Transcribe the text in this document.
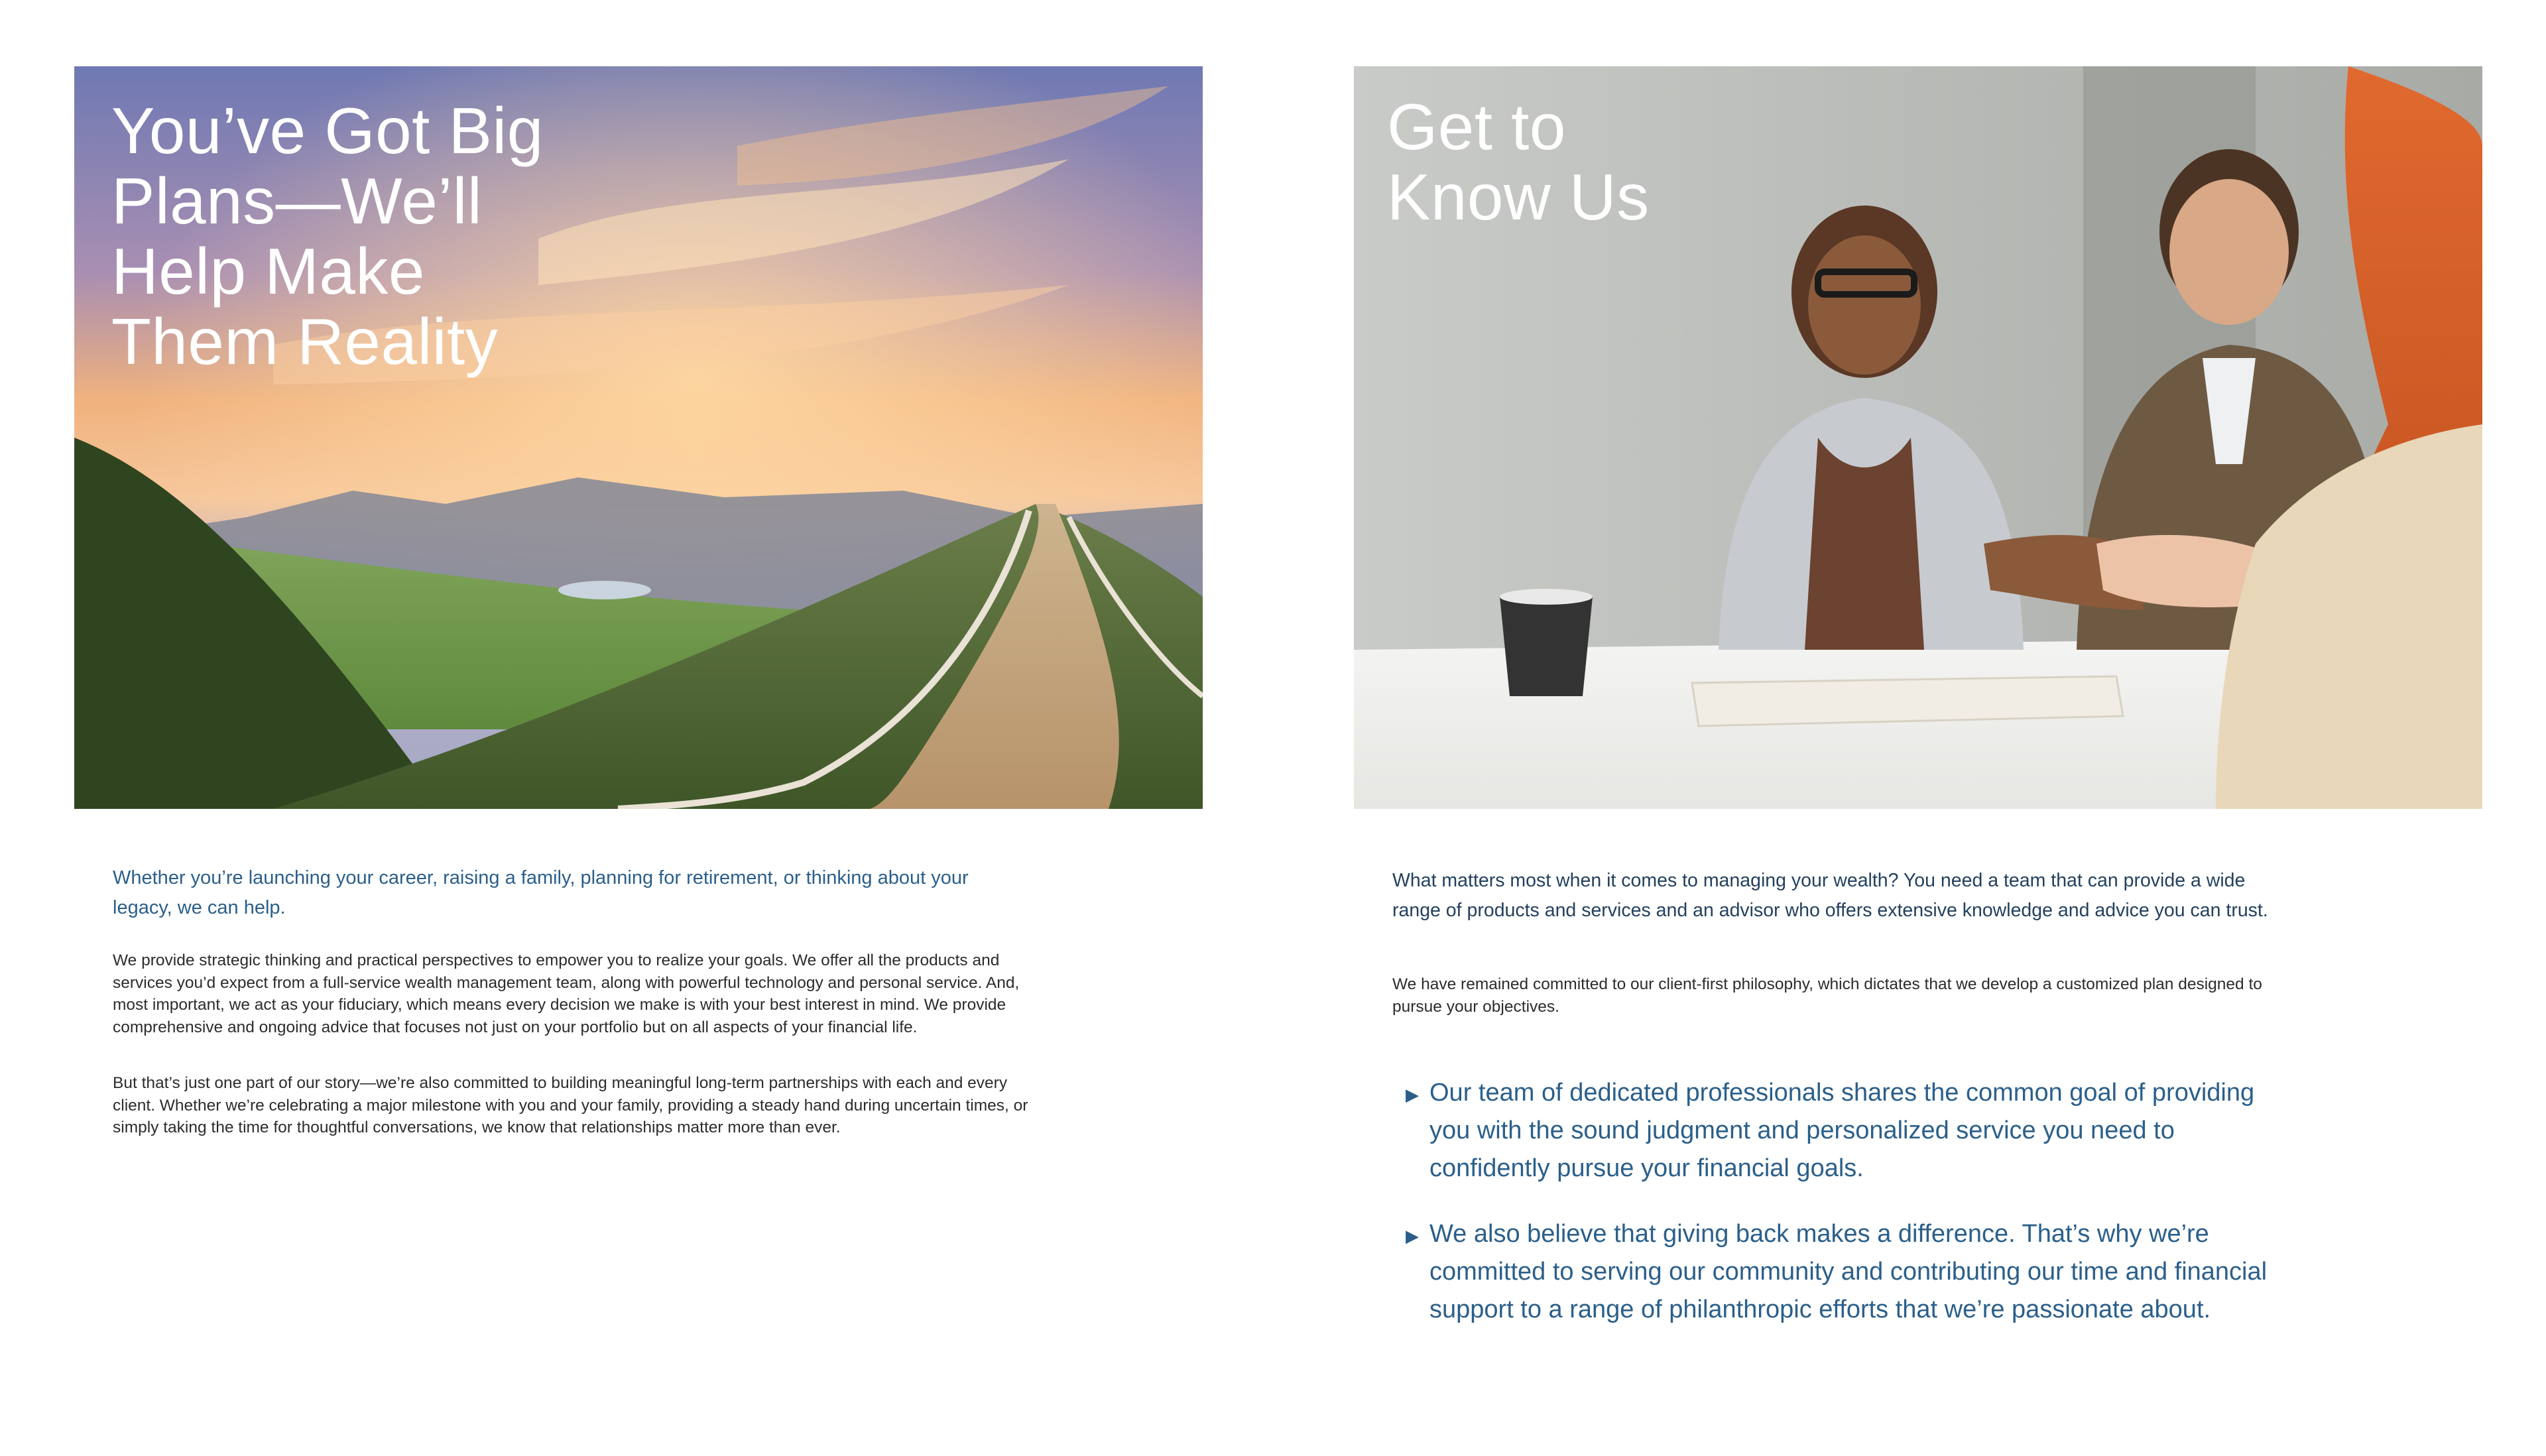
You’ve Got Big
Plans—We’ll
Help Make
Them Reality

Whether you’re launching your career, raising a family, planning for retirement, or thinking about your legacy, we can help.

We provide strategic thinking and practical perspectives to empower you to realize your goals. We offer all the products and services you’d expect from a full-service wealth management team, along with powerful technology and personal service. And, most important, we act as your fiduciary, which means every decision we make is with your best interest in mind. We provide comprehensive and ongoing advice that focuses not just on your portfolio but on all aspects of your financial life.

But that’s just one part of our story—we’re also committed to building meaningful long-term partnerships with each and every client. Whether we’re celebrating a major milestone with you and your family, providing a steady hand during uncertain times, or simply taking the time for thoughtful conversations, we know that relationships matter more than ever.

Get to
Know Us

What matters most when it comes to managing your wealth? You need a team that can provide a wide range of products and services and an advisor who offers extensive knowledge and advice you can trust.

We have remained committed to our client-first philosophy, which dictates that we develop a customized plan designed to pursue your objectives.

▶ Our team of dedicated professionals shares the common goal of providing you with the sound judgment and personalized service you need to confidently pursue your financial goals.
▶ We also believe that giving back makes a difference. That’s why we’re committed to serving our community and contributing our time and financial support to a range of philanthropic efforts that we’re passionate about.
